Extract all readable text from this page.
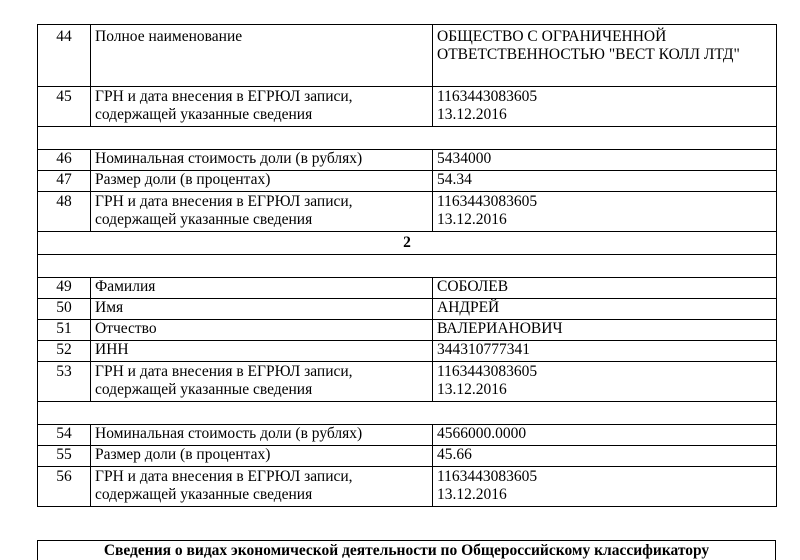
44	Полное наименование	ОБЩЕСТВО С ОГРАНИЧЕННОЙ ОТВЕТСТВЕННОСТЬЮ "ВЕСТ КОЛЛ ЛТД"
45	ГРН и дата внесения в ЕГРЮЛ записи, содержащей указанные сведения	1163443083605
13.12.2016

46	Номинальная стоимость доли (в рублях)	5434000
47	Размер доли (в процентах)	54.34
48	ГРН и дата внесения в ЕГРЮЛ записи, содержащей указанные сведения	1163443083605
13.12.2016

2		

49	Фамилия	СОБОЛЕВ
50	Имя	АНДРЕЙ
51	Отчество	ВАЛЕРИАНОВИЧ
52	ИНН	344310777341
53	ГРН и дата внесения в ЕГРЮЛ записи, содержащей указанные сведения	1163443083605
13.12.2016

54	Номинальная стоимость доли (в рублях)	4566000.0000
55	Размер доли (в процентах)	45.66
56	ГРН и дата внесения в ЕГРЮЛ записи, содержащей указанные сведения	1163443083605
13.12.2016
Сведения о видах экономической деятельности по Общероссийскому классификатору
